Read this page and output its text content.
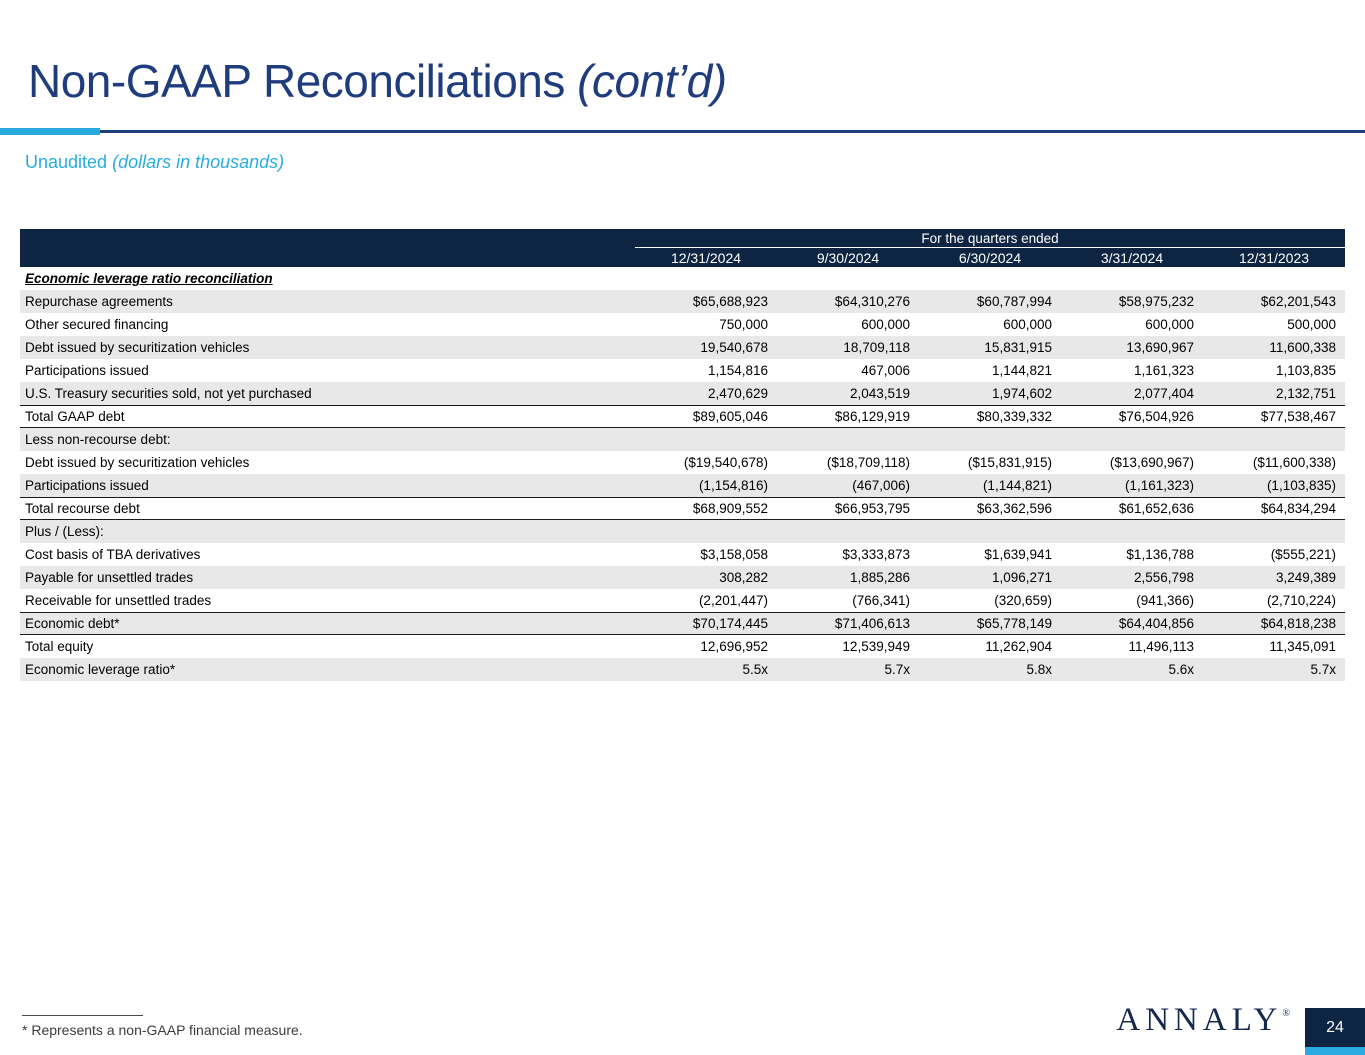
Non-GAAP Reconciliations (cont’d)
Unaudited (dollars in thousands)
For the quarters ended
12/31/2024	9/30/2024	6/30/2024	3/31/2024	12/31/2023
Economic leverage ratio reconciliation
Repurchase agreements	$65,688,923	$64,310,276	$60,787,994	$58,975,232	$62,201,543
Other secured financing	750,000	600,000	600,000	600,000	500,000
Debt issued by securitization vehicles	19,540,678	18,709,118	15,831,915	13,690,967	11,600,338
Participations issued	1,154,816	467,006	1,144,821	1,161,323	1,103,835
U.S. Treasury securities sold, not yet purchased	2,470,629	2,043,519	1,974,602	2,077,404	2,132,751
Total GAAP debt	$89,605,046	$86,129,919	$80,339,332	$76,504,926	$77,538,467
Less non-recourse debt:
Debt issued by securitization vehicles	($19,540,678)	($18,709,118)	($15,831,915)	($13,690,967)	($11,600,338)
Participations issued	(1,154,816)	(467,006)	(1,144,821)	(1,161,323)	(1,103,835)
Total recourse debt	$68,909,552	$66,953,795	$63,362,596	$61,652,636	$64,834,294
Plus / (Less):
Cost basis of TBA derivatives	$3,158,058	$3,333,873	$1,639,941	$1,136,788	($555,221)
Payable for unsettled trades	308,282	1,885,286	1,096,271	2,556,798	3,249,389
Receivable for unsettled trades	(2,201,447)	(766,341)	(320,659)	(941,366)	(2,710,224)
Economic debt*	$70,174,445	$71,406,613	$65,778,149	$64,404,856	$64,818,238
Total equity	12,696,952	12,539,949	11,262,904	11,496,113	11,345,091
Economic leverage ratio*	5.5x	5.7x	5.8x	5.6x	5.7x
* Represents a non-GAAP financial measure.	ANNALY®
24
